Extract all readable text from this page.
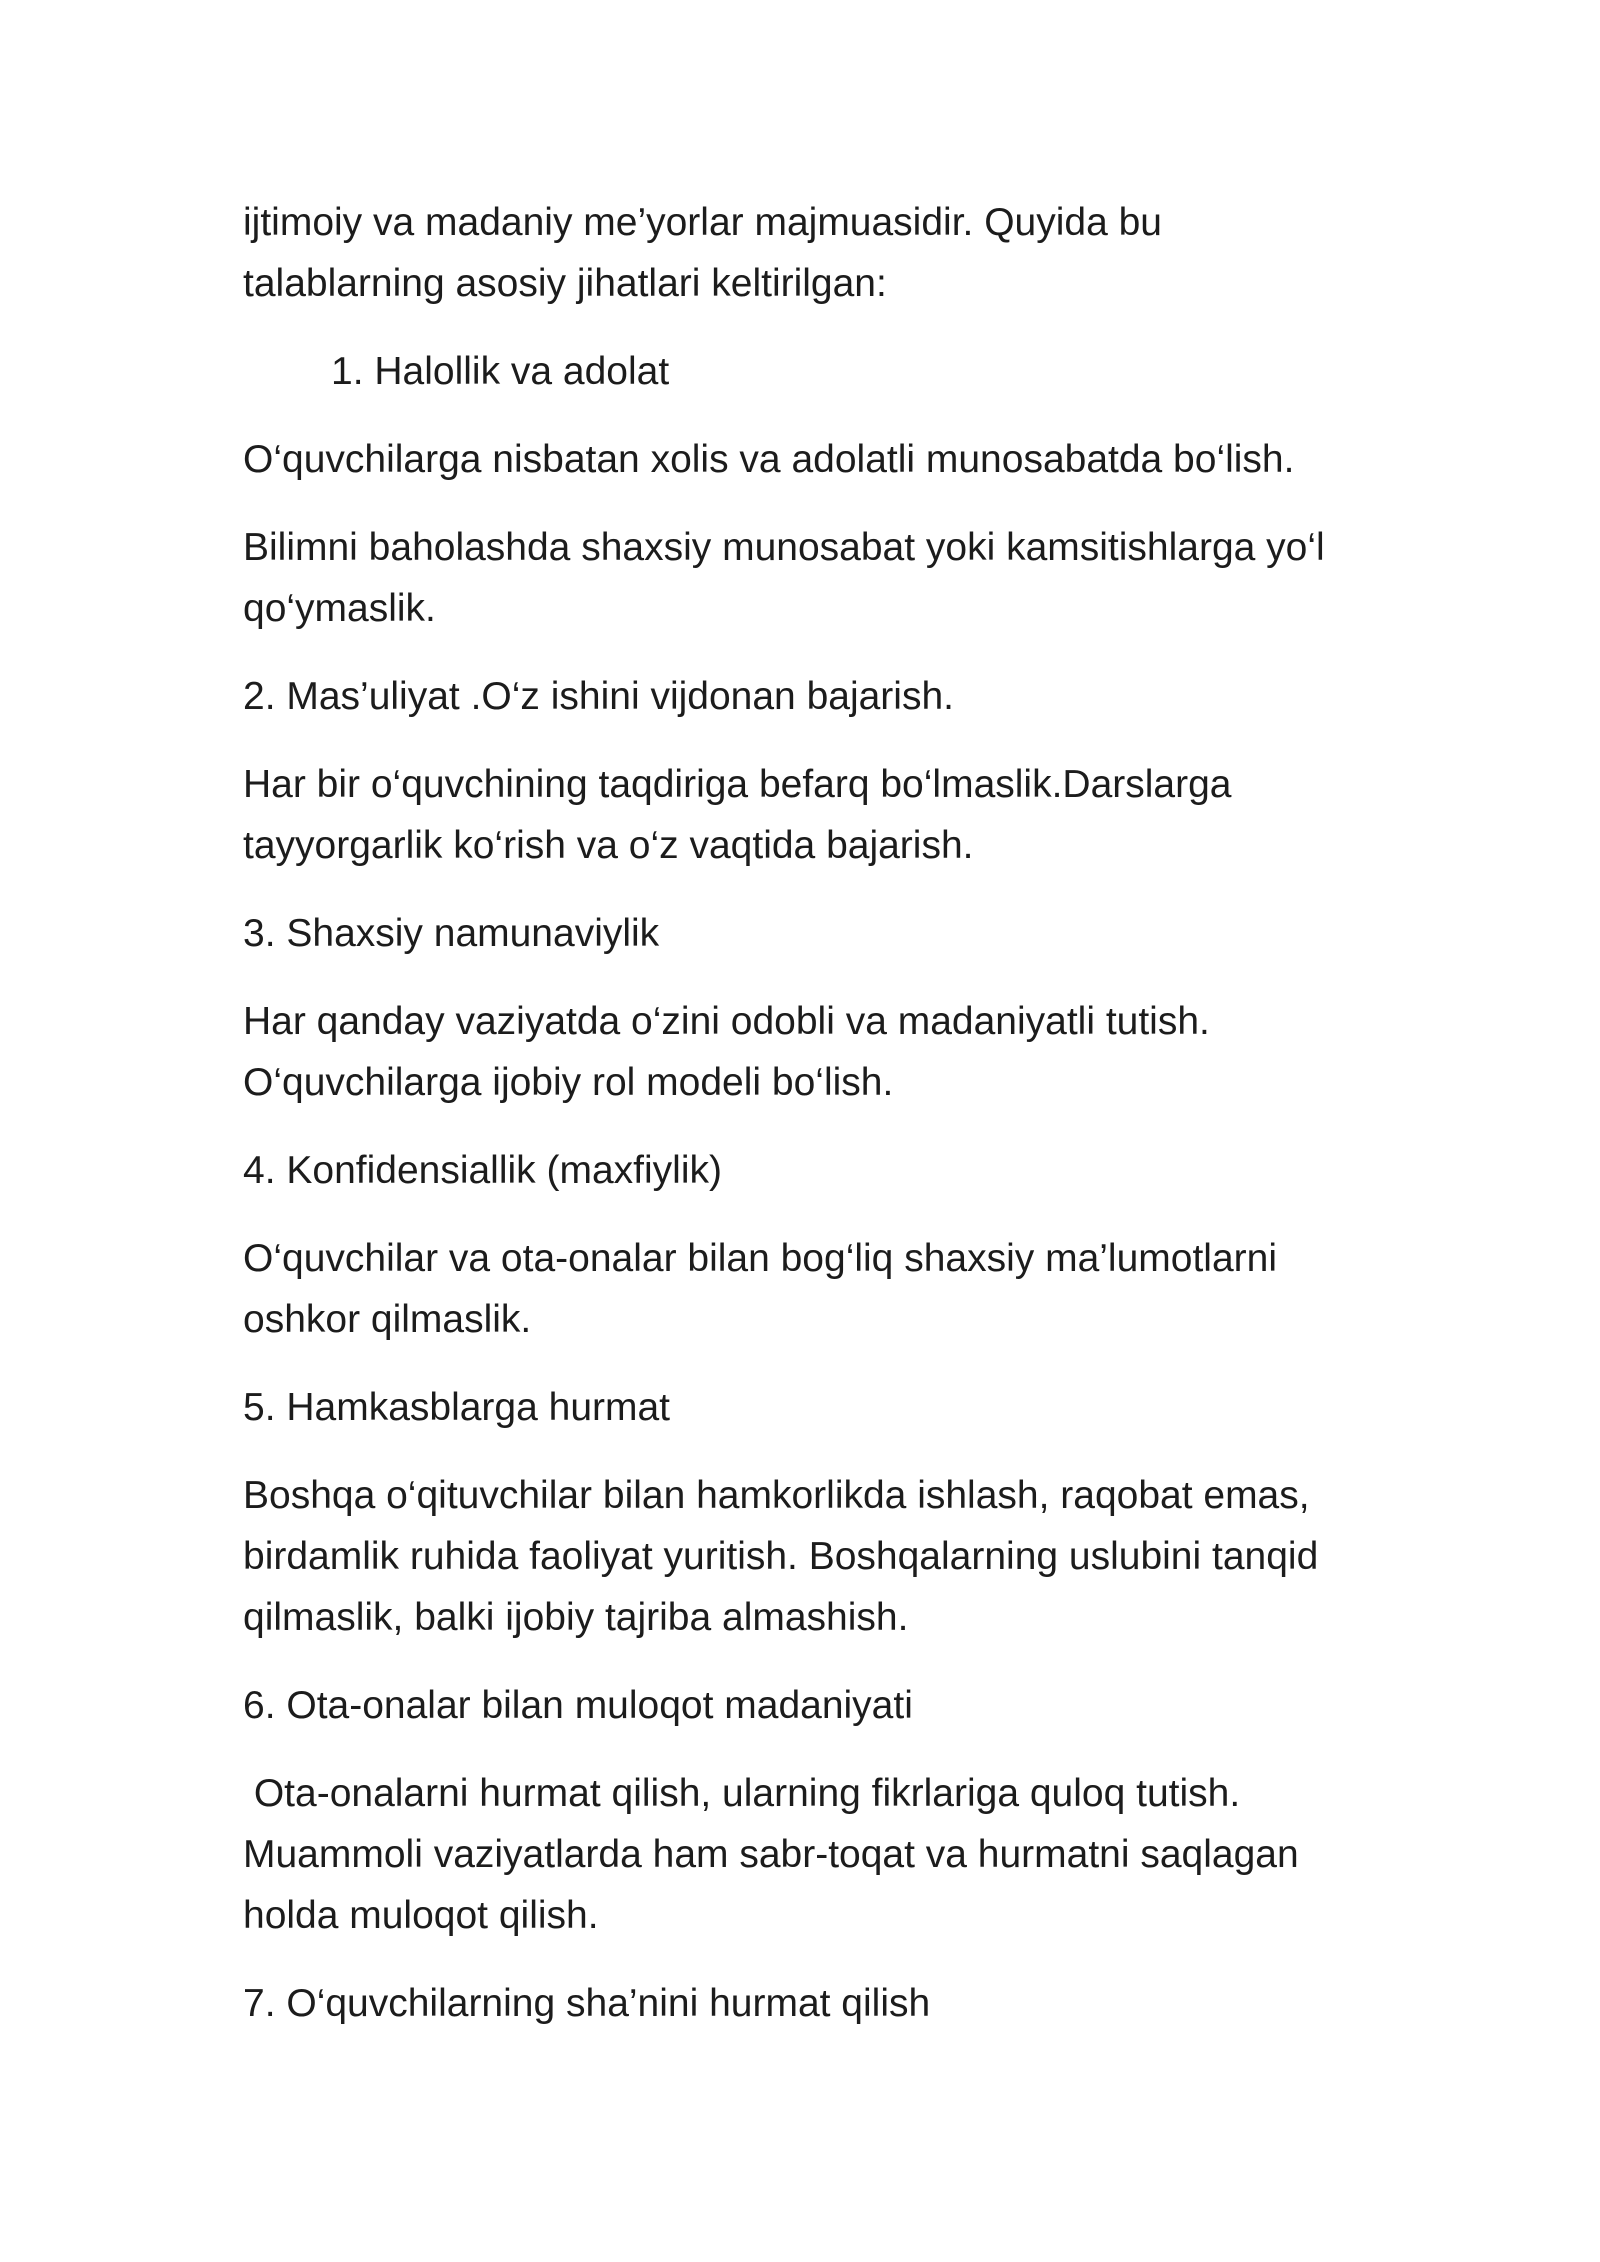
ijtimoiy va madaniy me’yorlar majmuasidir. Quyida bu talablarning asosiy jihatlari keltirilgan:

1. Halollik va adolat

O‘quvchilarga nisbatan xolis va adolatli munosabatda bo‘lish.

Bilimni baholashda shaxsiy munosabat yoki kamsitishlarga yo‘l qo‘ymaslik.

2. Mas’uliyat .O‘z ishini vijdonan bajarish.

Har bir o‘quvchining taqdiriga befarq bo‘lmaslik.Darslarga tayyorgarlik ko‘rish va o‘z vaqtida bajarish.

3. Shaxsiy namunaviylik

Har qanday vaziyatda o‘zini odobli va madaniyatli tutish. O‘quvchilarga ijobiy rol modeli bo‘lish.

4. Konfidensiallik (maxfiylik)

O‘quvchilar va ota-onalar bilan bog‘liq shaxsiy ma’lumotlarni oshkor qilmaslik.

5. Hamkasblarga hurmat

Boshqa o‘qituvchilar bilan hamkorlikda ishlash, raqobat emas, birdamlik ruhida faoliyat yuritish. Boshqalarning uslubini tanqid qilmaslik, balki ijobiy tajriba almashish.

6. Ota-onalar bilan muloqot madaniyati

Ota-onalarni hurmat qilish, ularning fikrlariga quloq tutish. Muammoli vaziyatlarda ham sabr-toqat va hurmatni saqlagan holda muloqot qilish.

7. O‘quvchilarning sha’nini hurmat qilish
